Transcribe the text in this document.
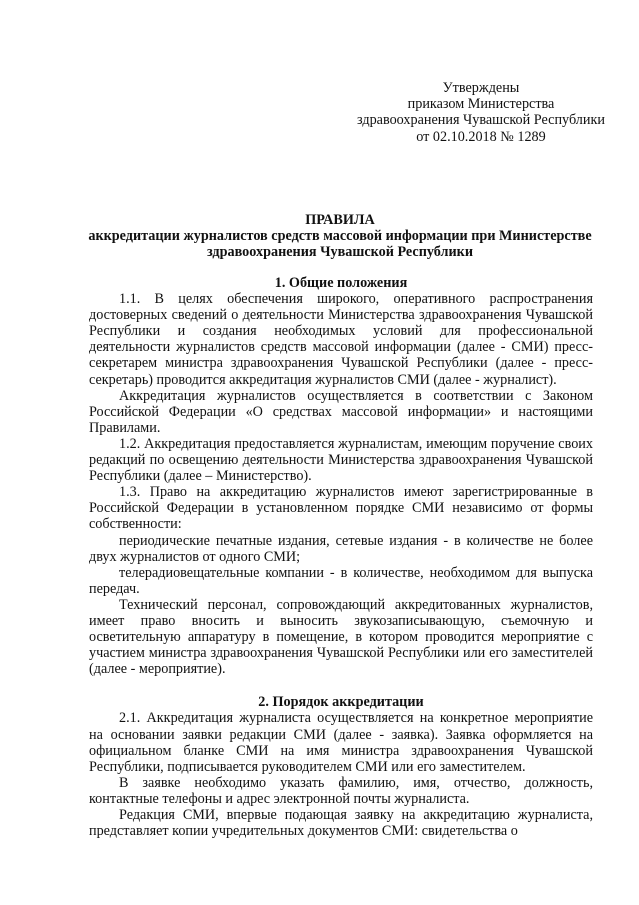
Утверждены
приказом Министерства
здравоохранения Чувашской Республики
от 02.10.2018 № 1289
ПРАВИЛА
аккредитации журналистов средств массовой информации при Министерстве
здравоохранения Чувашской Республики
1. Общие положения

1.1. В целях обеспечения широкого, оперативного распространения достоверных сведений о деятельности Министерства здравоохранения Чувашской Республики и создания необходимых условий для профессиональной деятельности журналистов средств массовой информации (далее - СМИ) пресс-секретарем министра здравоохранения Чувашской Республики (далее - пресс-секретарь) проводится аккредитация журналистов СМИ (далее - журналист).

Аккредитация журналистов осуществляется в соответствии с Законом Российской Федерации «О средствах массовой информации» и настоящими Правилами.

1.2. Аккредитация предоставляется журналистам, имеющим поручение своих редакций по освещению деятельности Министерства здравоохранения Чувашской Республики (далее – Министерство).

1.3. Право на аккредитацию журналистов имеют зарегистрированные в Российской Федерации в установленном порядке СМИ независимо от формы собственности:

периодические печатные издания, сетевые издания - в количестве не более двух журналистов от одного СМИ;

телерадиовещательные компании - в количестве, необходимом для выпуска передач.

Технический персонал, сопровождающий аккредитованных журналистов, имеет право вносить и выносить звукозаписывающую, съемочную и осветительную аппаратуру в помещение, в котором проводится мероприятие с участием министра здравоохранения Чувашской Республики или его заместителей (далее - мероприятие).

2. Порядок аккредитации

2.1. Аккредитация журналиста осуществляется на конкретное мероприятие на основании заявки редакции СМИ (далее - заявка). Заявка оформляется на официальном бланке СМИ на имя министра здравоохранения Чувашской Республики, подписывается руководителем СМИ или его заместителем.

В заявке необходимо указать фамилию, имя, отчество, должность, контактные телефоны и адрес электронной почты журналиста.

Редакция СМИ, впервые подающая заявку на аккредитацию журналиста, представляет копии учредительных документов СМИ: свидетельства о
